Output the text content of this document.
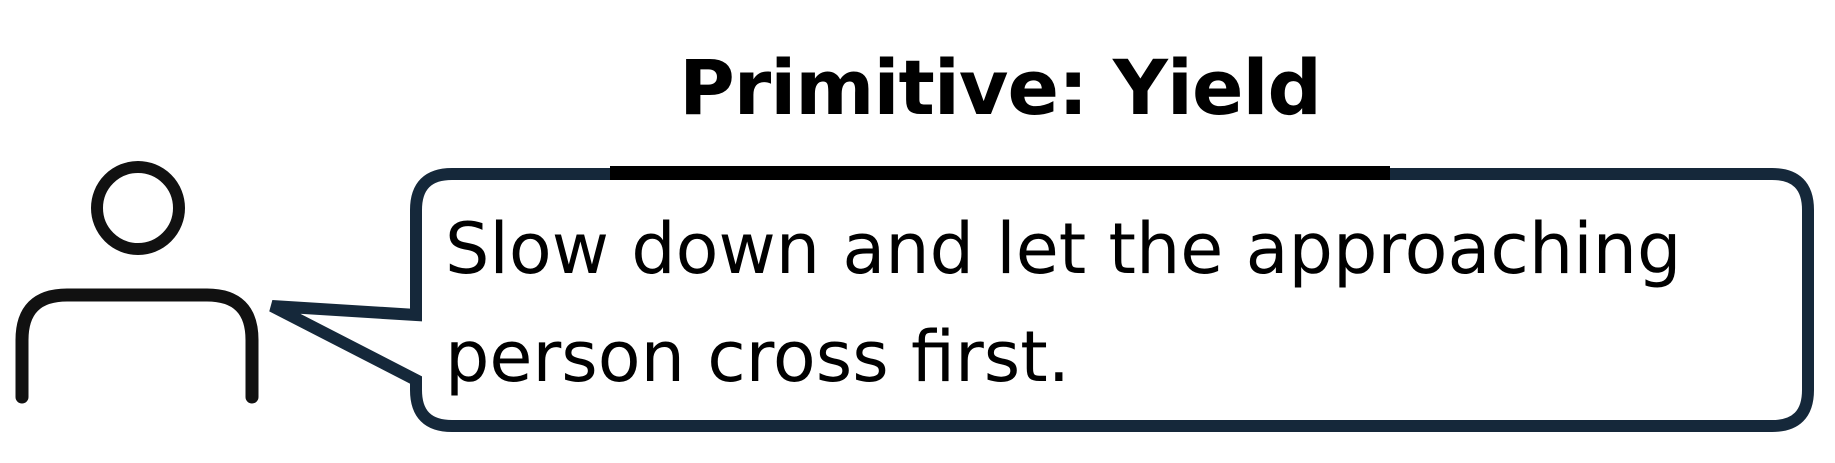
Primitive: Yield
Slow down and let the approaching
person cross first.
